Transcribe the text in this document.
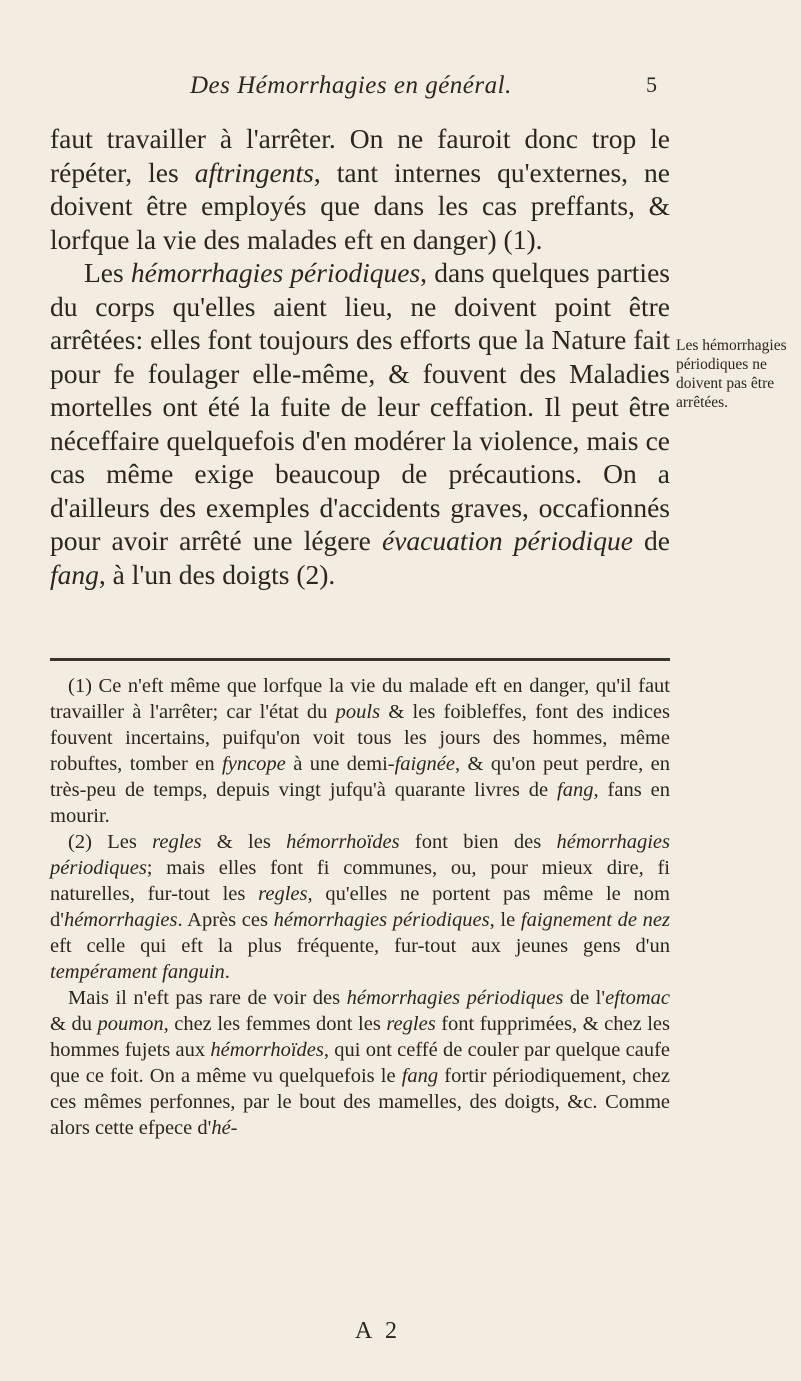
Des Hémorrhagies en général.	5

faut travailler à l'arrêter. On ne fauroit donc trop le répéter, les aftringents, tant internes qu'externes, ne doivent être employés que dans les cas preffants, & lorfque la vie des malades eft en danger) (1).

Les hémorrhagies périodiques, dans quelques parties du corps qu'elles aient lieu, ne doivent point être arrêtées: elles font toujours des efforts que la Nature fait pour fe foulager elle-même, & fouvent des Maladies mortelles ont été la fuite de leur ceffation. Il peut être néceffaire quelquefois d'en modérer la violence, mais ce cas même exige beaucoup de précautions. On a d'ailleurs des exemples d'accidents graves, occafionnés pour avoir arrêté une légere évacuation périodique de fang, à l'un des doigts (2).

Les hémorrhagies périodiques ne doivent pas être arrêtées.

(1) Ce n'eft même que lorfque la vie du malade eft en danger, qu'il faut travailler à l'arrêter; car l'état du pouls & les foibleffes, font des indices fouvent incertains, puifqu'on voit tous les jours des hommes, même robuftes, tomber en fyncope à une demi-faignée, & qu'on peut perdre, en très-peu de temps, depuis vingt jufqu'à quarante livres de fang, fans en mourir.

(2) Les regles & les hémorrhoïdes font bien des hémorrhagies périodiques; mais elles font fi communes, ou, pour mieux dire, fi naturelles, fur-tout les regles, qu'elles ne portent pas même le nom d'hémorrhagies. Après ces hémorrhagies périodiques, le faignement de nez eft celle qui eft la plus fréquente, fur-tout aux jeunes gens d'un tempérament fanguin.

Mais il n'eft pas rare de voir des hémorrhagies périodiques de l'eftomac & du poumon, chez les femmes dont les regles font fupprimées, & chez les hommes fujets aux hémorrhoïdes, qui ont ceffé de couler par quelque caufe que ce foit. On a même vu quelquefois le fang fortir périodiquement, chez ces mêmes perfonnes, par le bout des mamelles, des doigts, &c. Comme alors cette efpece d'hé-

A 2
